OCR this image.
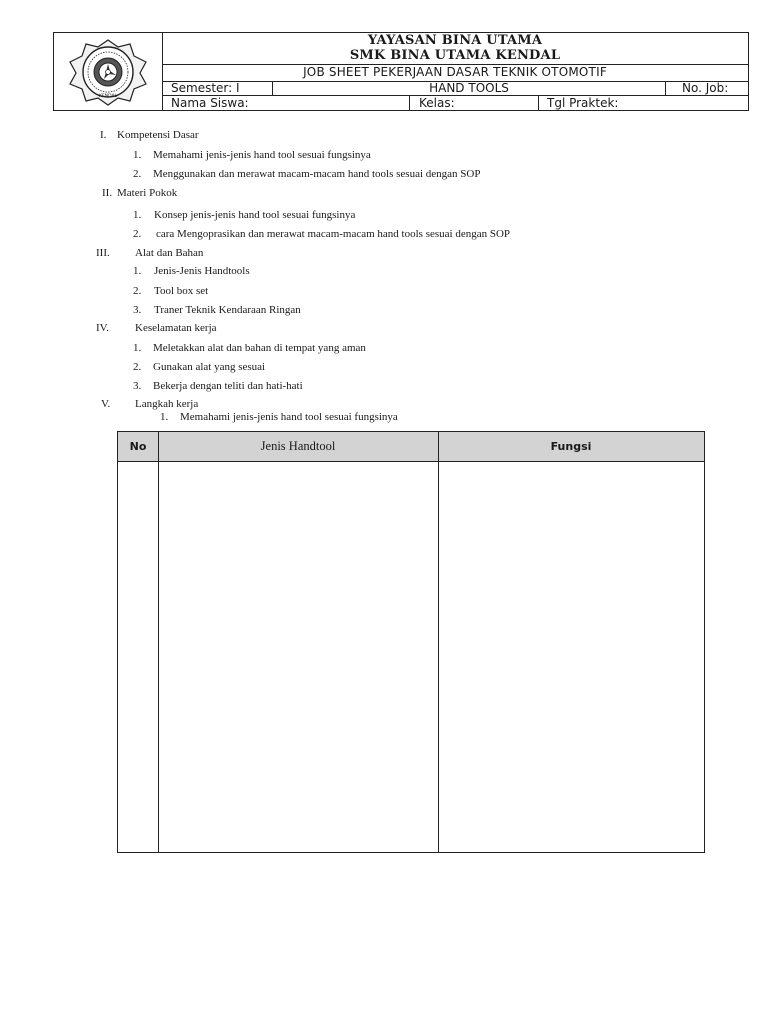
KENDAL
YAYASAN BINA UTAMA
SMK BINA UTAMA KENDAL
JOB SHEET PEKERJAAN DASAR TEKNIK OTOMOTIF
Semester: I	HAND TOOLS	No. Job:
Nama Siswa:	Kelas:	Tgl Praktek:
I. Kompetensi Dasar
1. Memahami jenis-jenis hand tool sesuai fungsinya
2. Menggunakan dan merawat macam-macam hand tools sesuai dengan SOP
II. Materi Pokok
1. Konsep jenis-jenis hand tool sesuai fungsinya
2. cara Mengoprasikan dan merawat macam-macam hand tools sesuai dengan SOP
III. Alat dan Bahan
1. Jenis-Jenis Handtools
2. Tool box set
3. Traner Teknik Kendaraan Ringan
IV. Keselamatan kerja
1. Meletakkan alat dan bahan di tempat yang aman
2. Gunakan alat yang sesuai
3. Bekerja dengan teliti dan hati-hati
V. Langkah kerja
1. Memahami jenis-jenis hand tool sesuai fungsinya
No	Jenis Handtool	Fungsi
